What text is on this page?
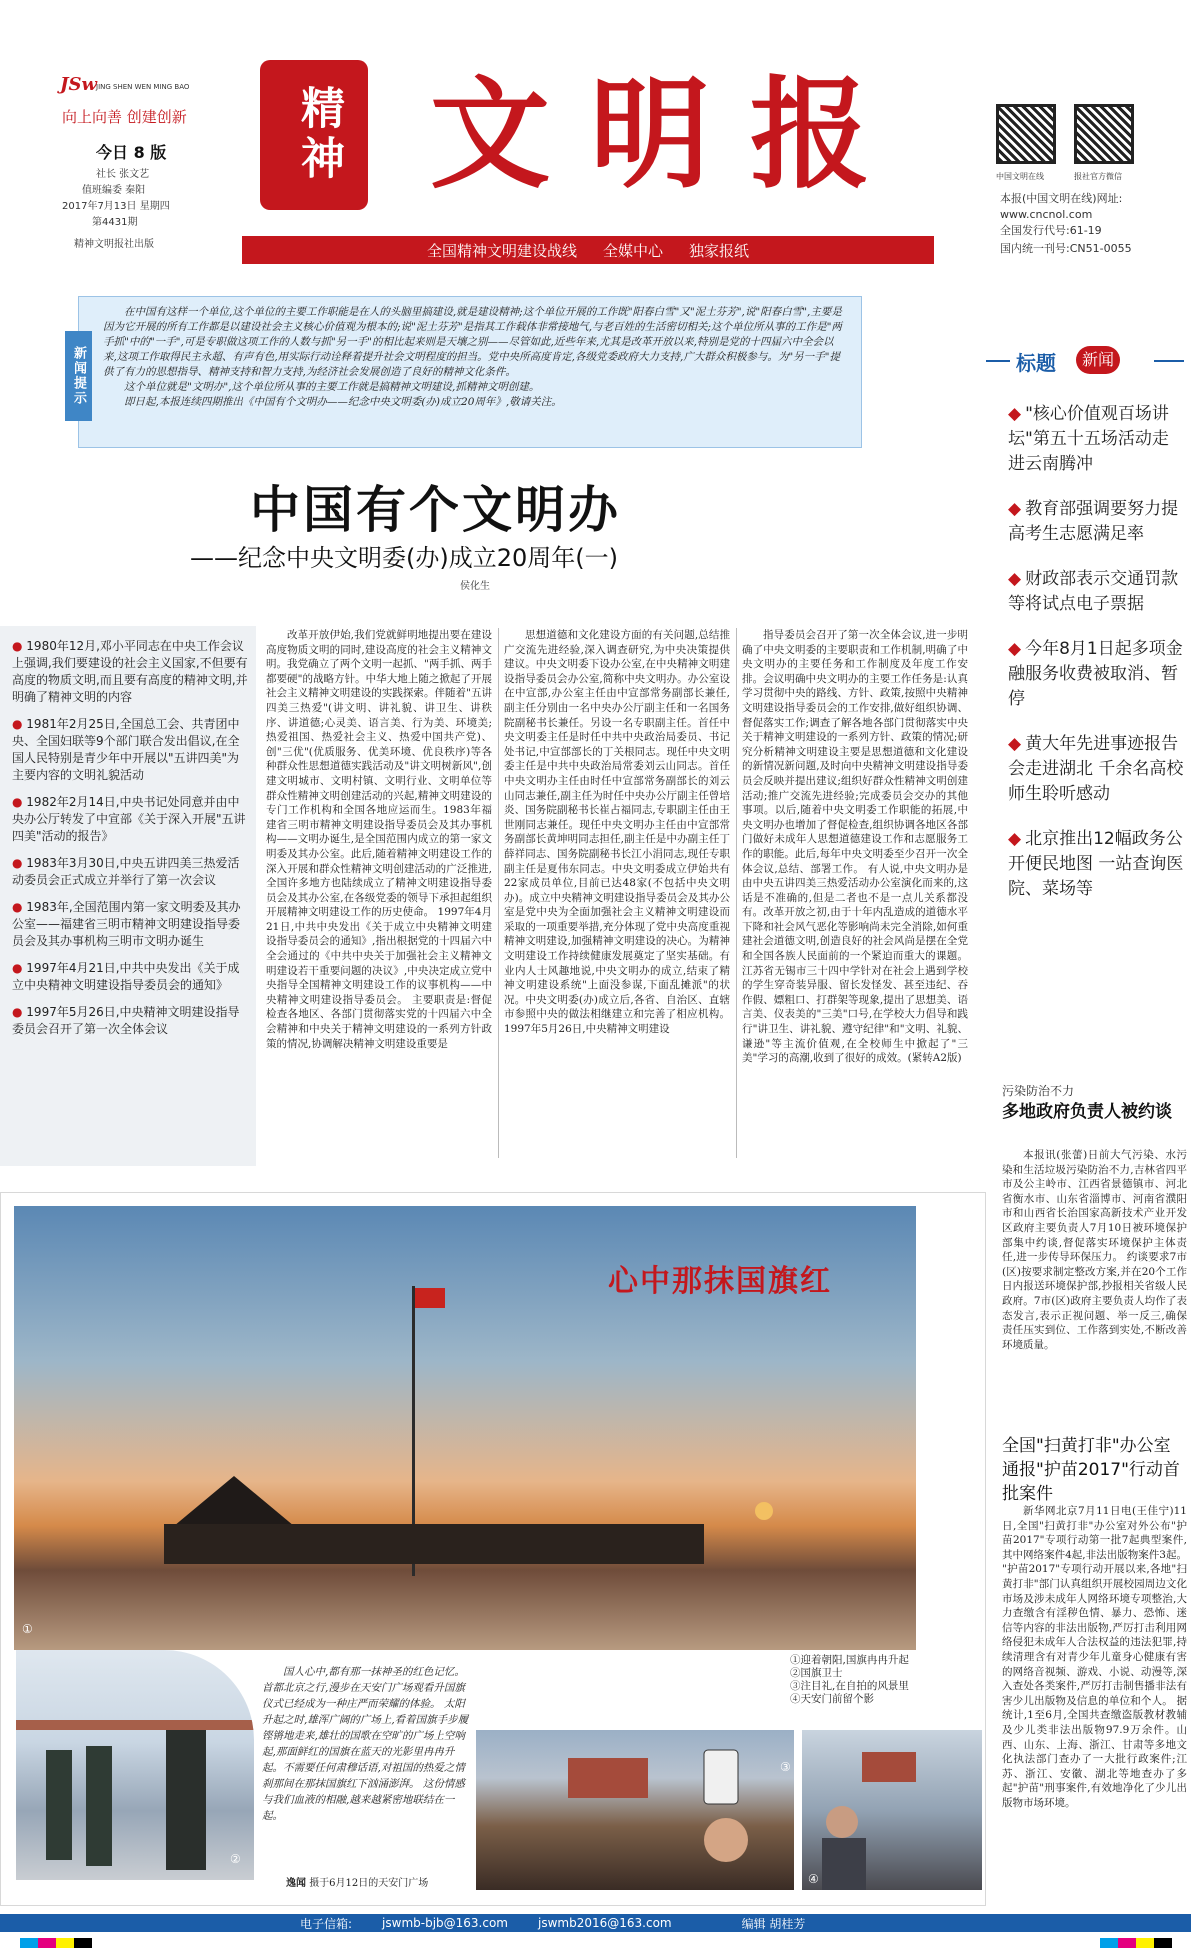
JSw
JING SHEN WEN MING BAO
向上向善 创建创新
今日 8 版
社长 张文艺
值班编委 秦阳
2017年7月13日 星期四
第4431期
精神文明报社出版
精神 文明报
全国精神文明建设战线 全媒中心 独家报纸
中国文明在线	报社官方微信
本报(中国文明在线)网址:
www.cncnol.com
全国发行代号:61-19
国内统一刊号:CN51-0055
新闻提示
在中国有这样一个单位,这个单位的主要工作职能是在人的头脑里搞建设,就是建设精神;这个单位开展的工作既"阳春白雪"又"泥土芬芳",说"阳春白雪",主要是因为它开展的所有工作都是以建设社会主义核心价值观为根本的;说"泥土芬芳"是指其工作载体非常接地气,与老百姓的生活密切相关;这个单位所从事的工作是"两手抓"中的"一手",可是专职做这项工作的人数与抓"另一手"的相比起来则是天壤之别——尽管如此,近些年来,尤其是改革开放以来,特别是党的十四届六中全会以来,这项工作取得民主永超、有声有色,用实际行动诠释着提升社会文明程度的担当。党中央所高度肯定,各级党委政府大力支持,广大群众积极参与。为"另一手"提供了有力的思想指导、精神支持和智力支持,为经济社会发展创造了良好的精神文化条件。
这个单位就是"文明办",这个单位所从事的主要工作就是搞精神文明建设,抓精神文明创建。
即日起,本报连续四期推出《中国有个文明办——纪念中央文明委(办)成立20周年》,敬请关注。
中国有个文明办
——纪念中央文明委(办)成立20周年(一)
侯化生
● 1980年12月,邓小平同志在中央工作会议上强调,我们要建设的社会主义国家,不但要有高度的物质文明,而且要有高度的精神文明,并明确了精神文明的内容
● 1981年2月25日,全国总工会、共青团中央、全国妇联等9个部门联合发出倡议,在全国人民特别是青少年中开展以"五讲四美"为主要内容的文明礼貌活动
● 1982年2月14日,中央书记处同意并由中央办公厅转发了中宣部《关于深入开展"五讲四美"活动的报告》
● 1983年3月30日,中央五讲四美三热爱活动委员会正式成立并举行了第一次会议
● 1983年,全国范围内第一家文明委及其办公室——福建省三明市精神文明建设指导委员会及其办事机构三明市文明办诞生
● 1997年4月21日,中共中央发出《关于成立中央精神文明建设指导委员会的通知》
● 1997年5月26日,中央精神文明建设指导委员会召开了第一次全体会议
改革开放伊始,我们党就鲜明地提出要在建设高度物质文明的同时,建设高度的社会主义精神文明。我党确立了两个文明一起抓、"两手抓、两手都要硬"的战略方针。中华大地上随之掀起了开展社会主义精神文明建设的实践探索。伴随着"五讲四美三热爱"(讲文明、讲礼貌、讲卫生、讲秩序、讲道德;心灵美、语言美、行为美、环境美;热爱祖国、热爱社会主义、热爱中国共产党)、创"三优"(优质服务、优美环境、优良秩序)等各种群众性思想道德实践活动及"讲文明树新风",创建文明城市、文明村镇、文明行业、文明单位等群众性精神文明创建活动的兴起,精神文明建设的专门工作机构和全国各地应运而生。1983年福建省三明市精神文明建设指导委员会及其办事机构——文明办诞生,是全国范围内成立的第一家文明委及其办公室。此后,随着精神文明建设工作的深入开展和群众性精神文明创建活动的广泛推进,全国许多地方也陆续成立了精神文明建设指导委员会及其办公室,在各级党委的领导下承担起组织开展精神文明建设工作的历史使命。 1997年4月21日,中共中央发出《关于成立中央精神文明建设指导委员会的通知》,指出根据党的十四届六中全会通过的《中共中央关于加强社会主义精神文明建设若干重要问题的决议》,中央决定成立党中央指导全国精神文明建设工作的议事机构——中央精神文明建设指导委员会。 主要职责是:督促检查各地区、各部门贯彻落实党的十四届六中全会精神和中央关于精神文明建设的一系列方针政策的情况,协调解决精神文明建设重要是
思想道德和文化建设方面的有关问题,总结推广交流先进经验,深入调查研究,为中央决策提供建议。中央文明委下设办公室,在中央精神文明建设指导委员会办公室,简称中央文明办。办公室设在中宣部,办公室主任由中宣部常务副部长兼任,副主任分别由一名中央办公厅副主任和一名国务院副秘书长兼任。另设一名专职副主任。首任中央文明委主任是时任中共中央政治局委员、书记处书记,中宣部部长的丁关根同志。现任中央文明委主任是中共中央政治局常委刘云山同志。首任中央文明办主任由时任中宣部常务副部长的刘云山同志兼任,副主任为时任中央办公厅副主任曾培炎、国务院副秘书长崔占福同志,专职副主任由王世刚同志兼任。现任中央文明办主任由中宣部常务副部长黄坤明同志担任,副主任是中办副主任丁薛祥同志、国务院副秘书长江小涓同志,现任专职副主任是夏伟东同志。中央文明委成立伊始共有22家成员单位,目前已达48家(不包括中央文明办)。成立中央精神文明建设指导委员会及其办公室是党中央为全面加强社会主义精神文明建设而采取的一项重要举措,充分体现了党中央高度重视精神文明建设,加强精神文明建设的决心。为精神文明建设工作持续健康发展奠定了坚实基础。有业内人士风趣地说,中央文明办的成立,结束了精神文明建设系统"上面没参谋,下面乱摊派"的状况。中央文明委(办)成立后,各省、自治区、直辖市参照中央的做法相继建立和完善了相应机构。 1997年5月26日,中央精神文明建设
指导委员会召开了第一次全体会议,进一步明确了中央文明委的主要职责和工作机制,明确了中央文明办的主要任务和工作制度及年度工作安排。会议明确中央文明办的主要工作任务是:认真学习贯彻中央的路线、方针、政策,按照中央精神文明建设指导委员会的工作安排,做好组织协调、督促落实工作;调查了解各地各部门贯彻落实中央关于精神文明建设的一系列方针、政策的情况;研究分析精神文明建设主要是思想道德和文化建设的新情况新问题,及时向中央精神文明建设指导委员会反映并提出建议;组织好群众性精神文明创建活动;推广交流先进经验;完成委员会交办的其他事项。以后,随着中央文明委工作职能的拓展,中央文明办也增加了督促检查,组织协调各地区各部门做好未成年人思想道德建设工作和志愿服务工作的职能。此后,每年中央文明委至少召开一次全体会议,总结、部署工作。 有人说,中央文明办是由中央五讲四美三热爱活动办公室演化而来的,这话是不准确的,但是二者也不是一点儿关系都没有。改革开放之初,由于十年内乱造成的道德水平下降和社会风气恶化等影响尚未完全消除,如何重建社会道德文明,创造良好的社会风尚是摆在全党和全国各族人民面前的一个紧迫而重大的课题。江苏省无锡市三十四中学针对在社会上遇到学校的学生穿奇装异服、留长发怪发、甚至违纪、吞作假、嫖粗口、打群架等现象,提出了思想美、语言美、仪表美的"三美"口号,在学校大力倡导和践行"讲卫生、讲礼貌、遵守纪律"和"文明、礼貌、谦逊"等主流价值观,在全校师生中掀起了"三美"学习的高潮,收到了很好的成效。(紧转A2版)
标题	新闻
◆ "核心价值观百场讲坛"第五十五场活动走进云南腾冲
◆ 教育部强调要努力提高考生志愿满足率
◆ 财政部表示交通罚款等将试点电子票据
◆ 今年8月1日起多项金融服务收费被取消、暂停
◆ 黄大年先进事迹报告会走进湖北 千余名高校师生聆听感动
◆ 北京推出12幅政务公开便民地图 一站查询医院、菜场等
污染防治不力
多地政府负责人被约谈
本报讯(张蕾)日前大气污染、水污染和生活垃圾污染防治不力,吉林省四平市及公主岭市、江西省景德镇市、河北省衡水市、山东省淄博市、河南省濮阳市和山西省长治国家高新技术产业开发区政府主要负责人7月10日被环境保护部集中约谈,督促落实环境保护主体责任,进一步传导环保压力。 约谈要求7市(区)按要求制定整改方案,并在20个工作日内报送环境保护部,抄报相关省级人民政府。7市(区)政府主要负责人均作了表态发言,表示正视问题、举一反三,确保责任压实到位、工作落到实处,不断改善环境质量。
全国"扫黄打非"办公室通报"护苗2017"行动首批案件
新华网北京7月11日电(王佳宁)11日,全国"扫黄打非"办公室对外公布"护苗2017"专项行动第一批7起典型案件,其中网络案件4起,非法出版物案件3起。 "护苗2017"专项行动开展以来,各地"扫黄打非"部门认真组织开展校园周边文化市场及涉未成年人网络环境专项整治,大力查缴含有淫秽色情、暴力、恐怖、迷信等内容的非法出版物,严厉打击利用网络侵犯未成年人合法权益的违法犯罪,持续清理含有对青少年儿童身心健康有害的网络音视频、游戏、小说、动漫等,深入查处各类案件,严厉打击制售播非法有害少儿出版物及信息的单位和个人。 据统计,1至6月,全国共查缴盗版教材教辅及少儿类非法出版物97.9万余件。山西、山东、上海、浙江、甘肃等多地文化执法部门查办了一大批行政案件;江苏、浙江、安徽、湖北等地查办了多起"护苗"刑事案件,有效地净化了少儿出版物市场环境。
心中那抹国旗红
①
②
国人心中,都有那一抹神圣的红色记忆。首都北京之行,漫步在天安门广场观看升国旗仪式已经成为一种庄严而荣耀的体验。 太阳升起之时,雄浑广阔的广场上,看着国旗手步履铿锵地走来,雄壮的国歌在空旷的广场上空响起,那面鲜红的国旗在蓝天的光影里冉冉升起。不需要任何肃穆话语,对祖国的热爱之情刹那间在那抹国旗红下汹涌澎湃。 这份情感与我们血液的相融,越来越紧密地联结在一起。
逸闻 摄于6月12日的天安门广场
①迎着朝阳,国旗冉冉升起
②国旗卫士
③注目礼,在自拍的风景里
④天安门前留个影
③
④
电子信箱:	jswmb-bjb@163.com	jswmb2016@163.com	编辑 胡桂芳
